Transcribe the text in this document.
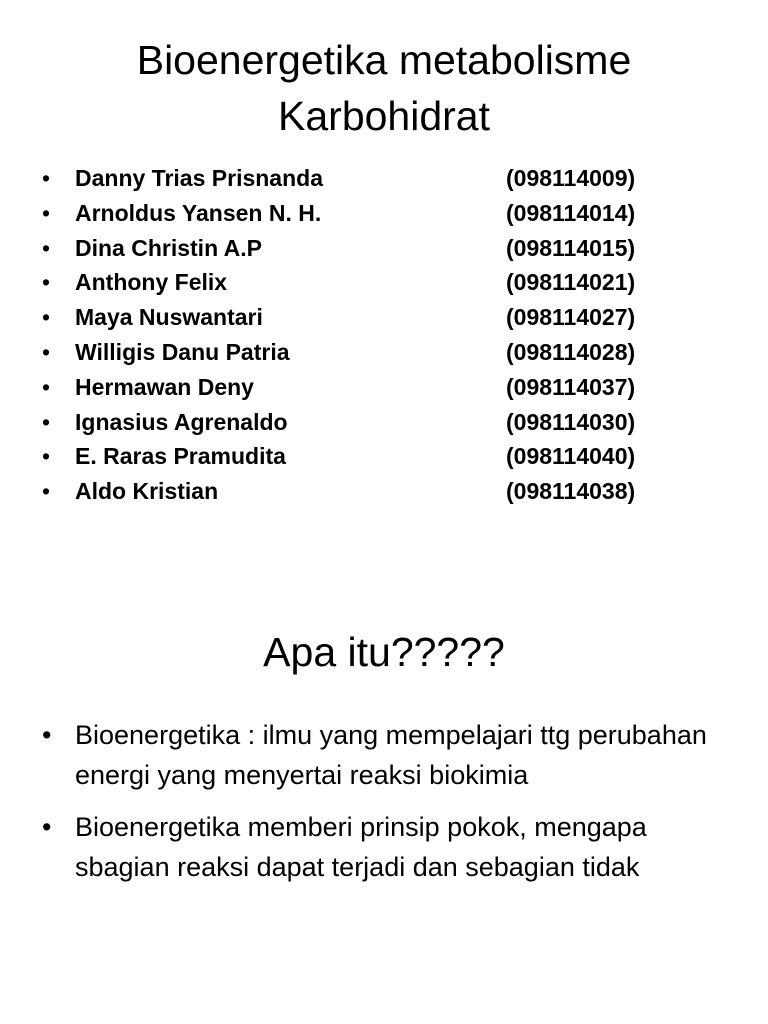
Bioenergetika metabolisme
Karbohidrat
• Danny Trias Prisnanda	(098114009)
• Arnoldus Yansen N. H.	(098114014)
• Dina Christin A.P	(098114015)
• Anthony Felix	(098114021)
• Maya Nuswantari	(098114027)
• Willigis Danu Patria	(098114028)
• Hermawan Deny	(098114037)
• Ignasius Agrenaldo	(098114030)
• E. Raras Pramudita	(098114040)
• Aldo Kristian	(098114038)
Apa itu?????
• Bioenergetika : ilmu yang mempelajari ttg perubahan energi yang menyertai reaksi biokimia
• Bioenergetika memberi prinsip pokok, mengapa sbagian reaksi dapat terjadi dan sebagian tidak
